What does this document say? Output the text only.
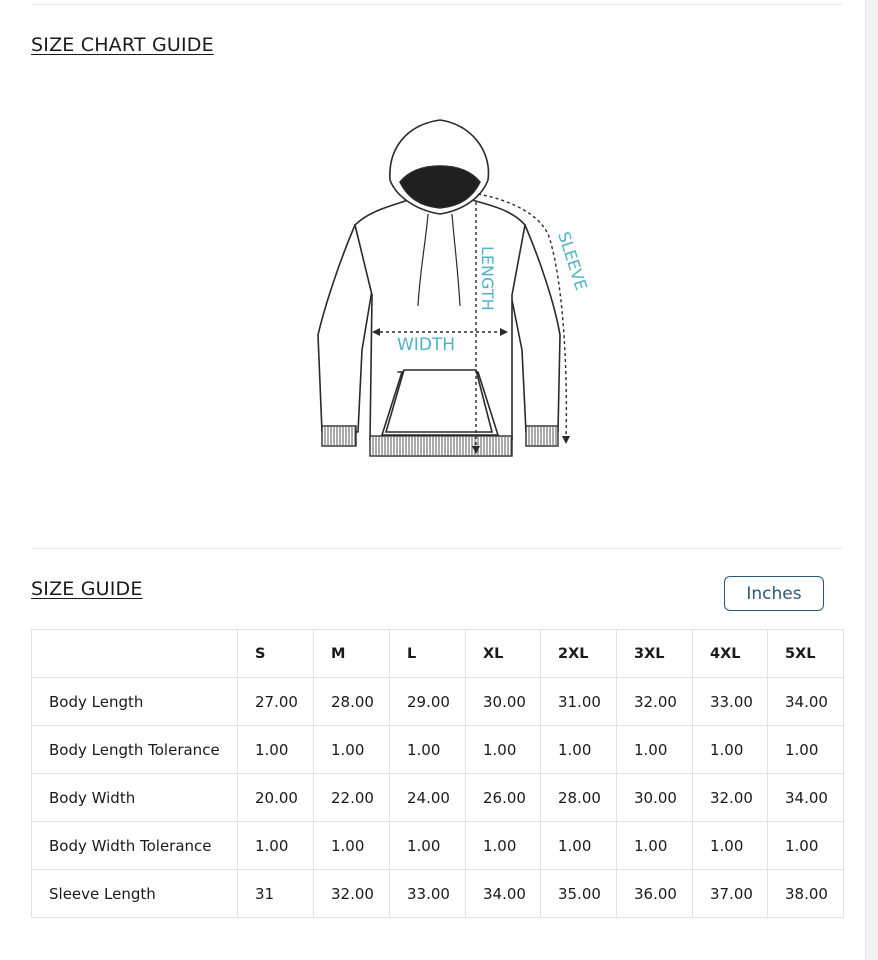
SIZE CHART GUIDE
WIDTH
LENGTH	SLEEVE
SIZE GUIDE	Inches
	S	M	L	XL	2XL	3XL	4XL	5XL
Body Length	27.00	28.00	29.00	30.00	31.00	32.00	33.00	34.00
Body Length Tolerance	1.00	1.00	1.00	1.00	1.00	1.00	1.00	1.00
Body Width	20.00	22.00	24.00	26.00	28.00	30.00	32.00	34.00
Body Width Tolerance	1.00	1.00	1.00	1.00	1.00	1.00	1.00	1.00
Sleeve Length	31	32.00	33.00	34.00	35.00	36.00	37.00	38.00
